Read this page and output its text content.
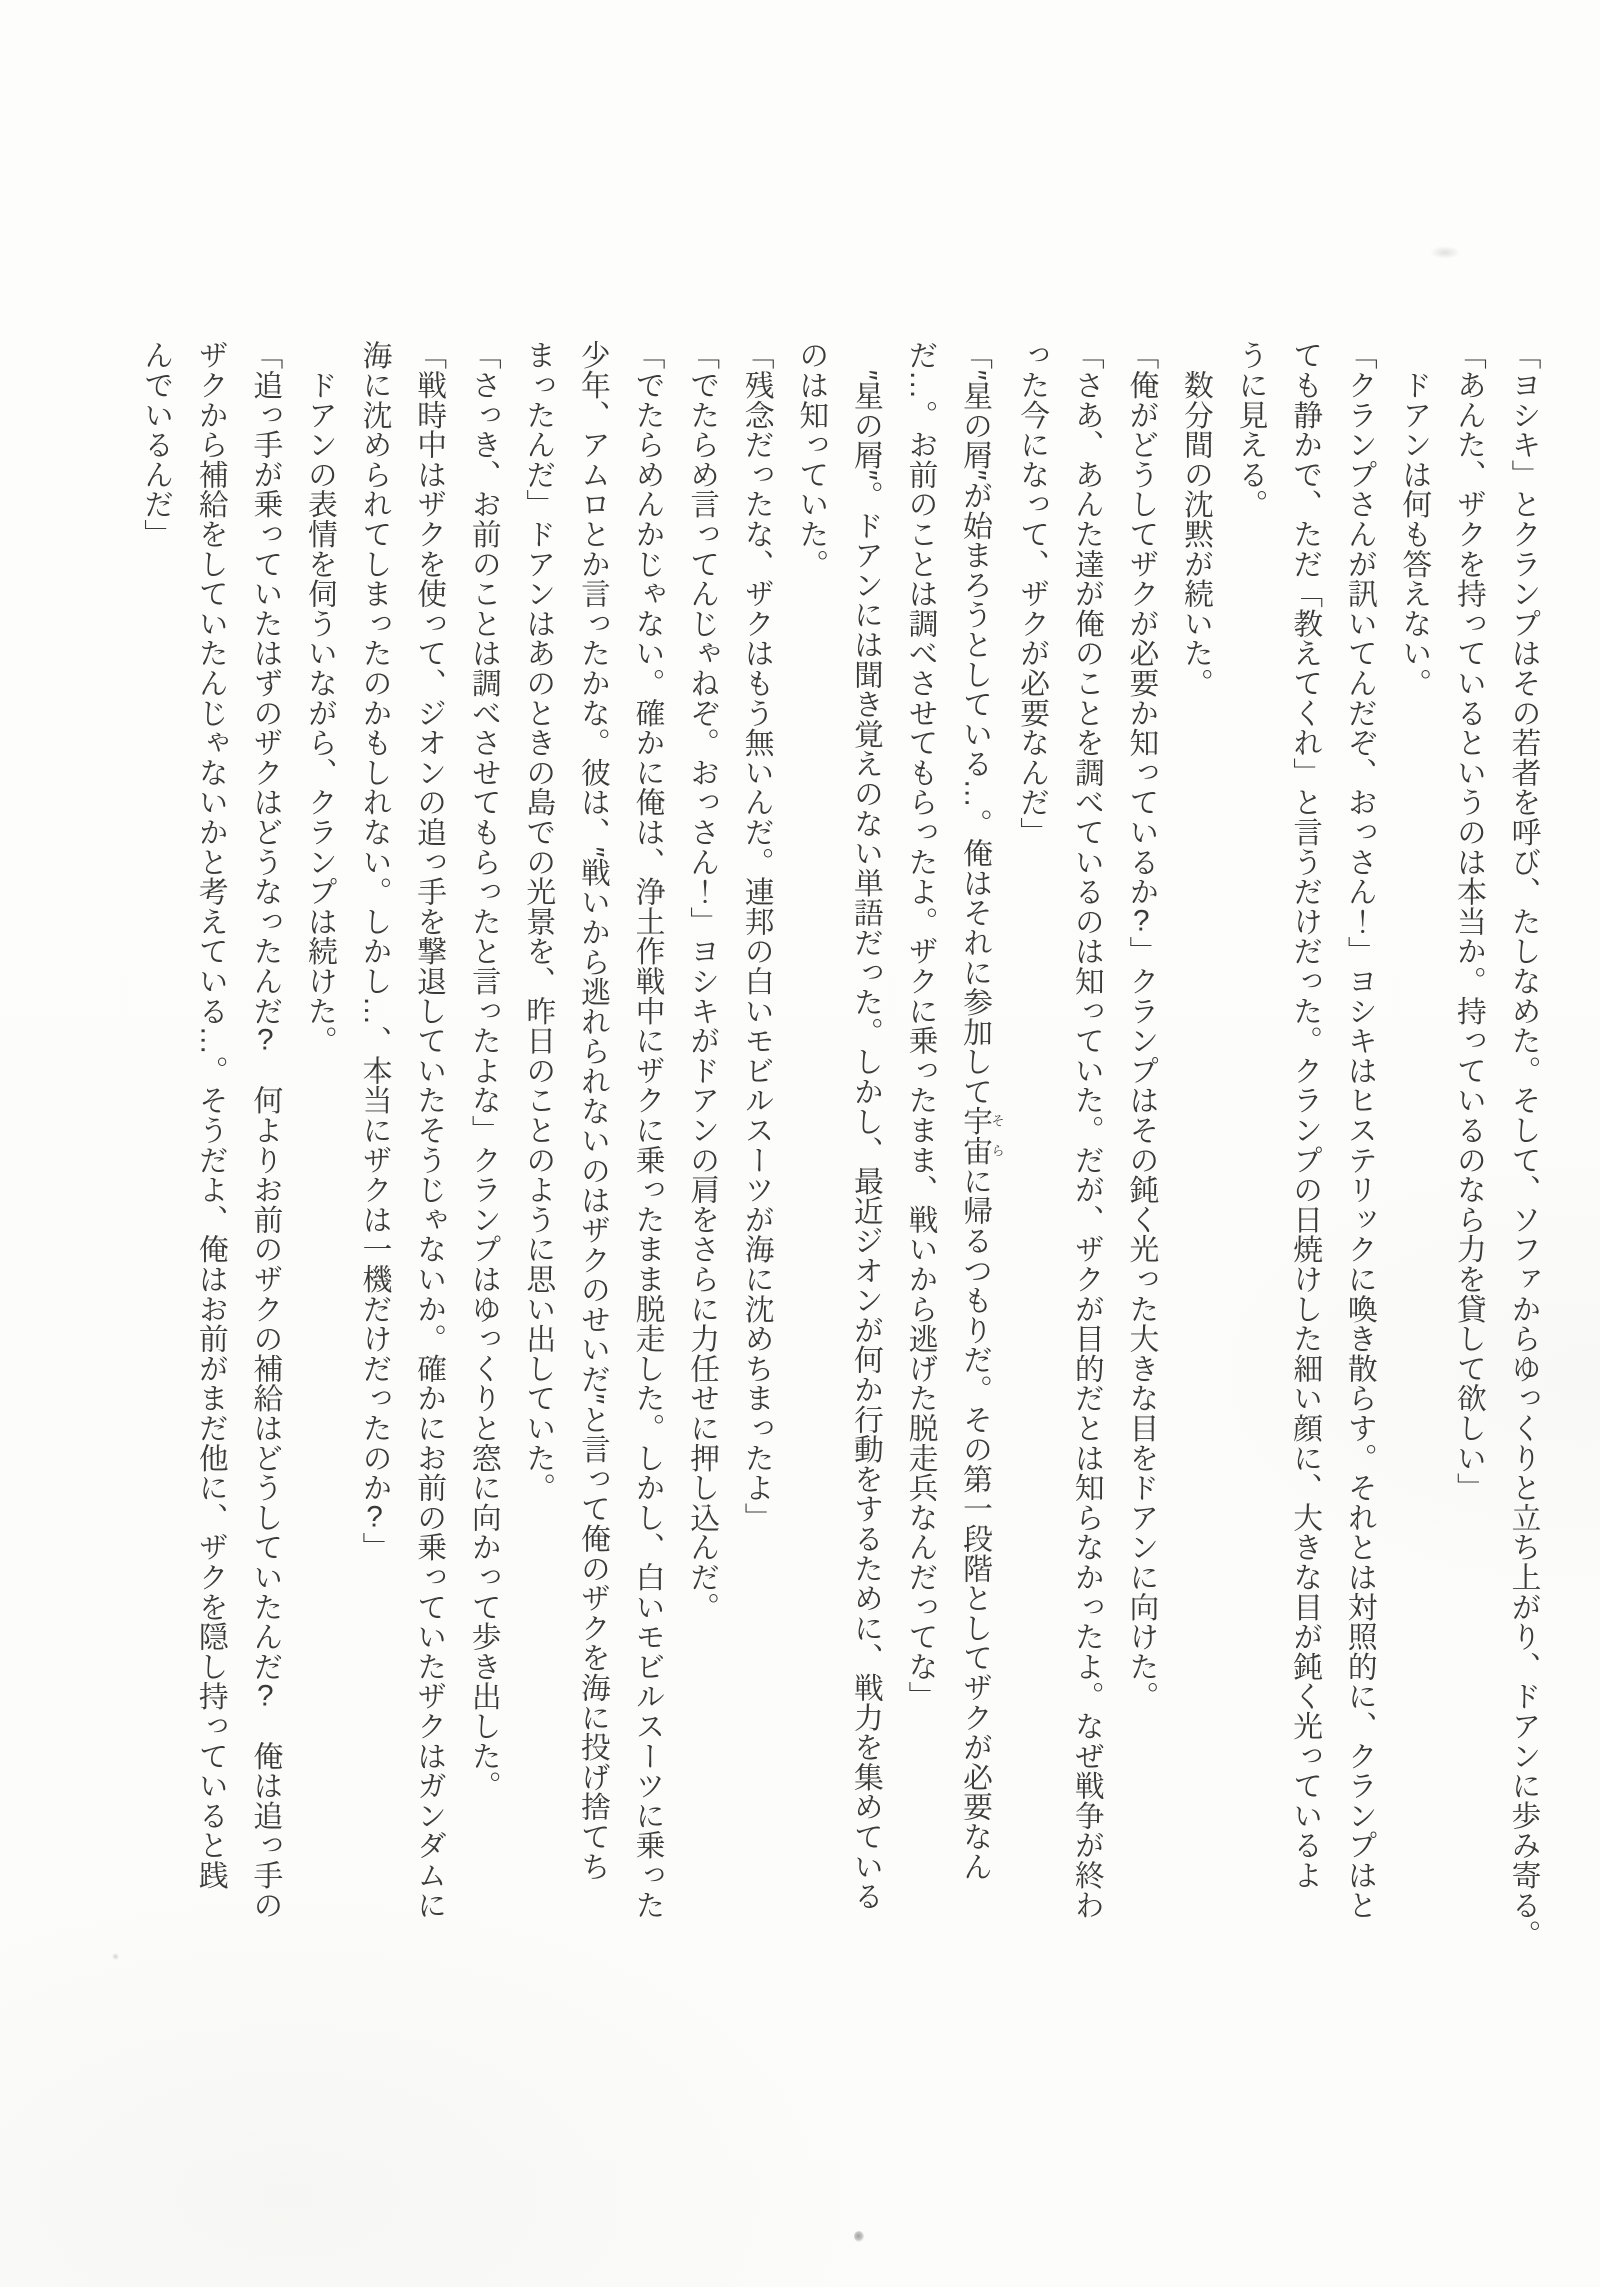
「ヨシキ」とクランプはその若者を呼び、たしなめた。そして、ソファからゆっくりと立ち上がり、ドアンに歩み寄る。

「あんた、ザクを持っているというのは本当か。持っているのなら力を貸して欲しい」

　ドアンは何も答えない。

「クランプさんが訊いてんだぞ、おっさん！」ヨシキはヒステリックに喚き散らす。それとは対照的に、クランプはと

ても静かで、ただ「教えてくれ」と言うだけだった。クランプの日焼けした細い顔に、大きな目が鈍く光っているよ

うに見える。

　数分間の沈黙が続いた。

「俺がどうしてザクが必要か知っているか?」クランプはその鈍く光った大きな目をドアンに向けた。

「さあ、あんた達が俺のことを調べているのは知っていた。だが、ザクが目的だとは知らなかったよ。なぜ戦争が終わ

った今になって、ザクが必要なんだ」

「″星の屑″が始まろうとしている…。俺はそれに参加して宇宙そらに帰るつもりだ。その第一段階としてザクが必要なん

だ…。お前のことは調べさせてもらったよ。ザクに乗ったまま、戦いから逃げた脱走兵なんだってな」

　″星の屑″。ドアンには聞き覚えのない単語だった。しかし、最近ジオンが何か行動をするために、戦力を集めている

のは知っていた。

「残念だったな、ザクはもう無いんだ。連邦の白いモビルスーツが海に沈めちまったよ」

「でたらめ言ってんじゃねぞ。おっさん！」ヨシキがドアンの肩をさらに力任せに押し込んだ。

「でたらめんかじゃない。確かに俺は、浄土作戦中にザクに乗ったまま脱走した。しかし、白いモビルスーツに乗った

少年、アムロとか言ったかな。彼は、″戦いから逃れられないのはザクのせいだ″と言って俺のザクを海に投げ捨てち

まったんだ」ドアンはあのときの島での光景を、昨日のことのように思い出していた。

「さっき、お前のことは調べさせてもらったと言ったよな」クランプはゆっくりと窓に向かって歩き出した。

「戦時中はザクを使って、ジオンの追っ手を撃退していたそうじゃないか。確かにお前の乗っていたザクはガンダムに

海に沈められてしまったのかもしれない。しかし…、本当にザクは一機だけだったのか?」

　ドアンの表情を伺ういながら、クランプは続けた。

「追っ手が乗っていたはずのザクはどうなったんだ?　何よりお前のザクの補給はどうしていたんだ?　俺は追っ手の

ザクから補給をしていたんじゃないかと考えている…。そうだよ、俺はお前がまだ他に、ザクを隠し持っていると践

んでいるんだ」
